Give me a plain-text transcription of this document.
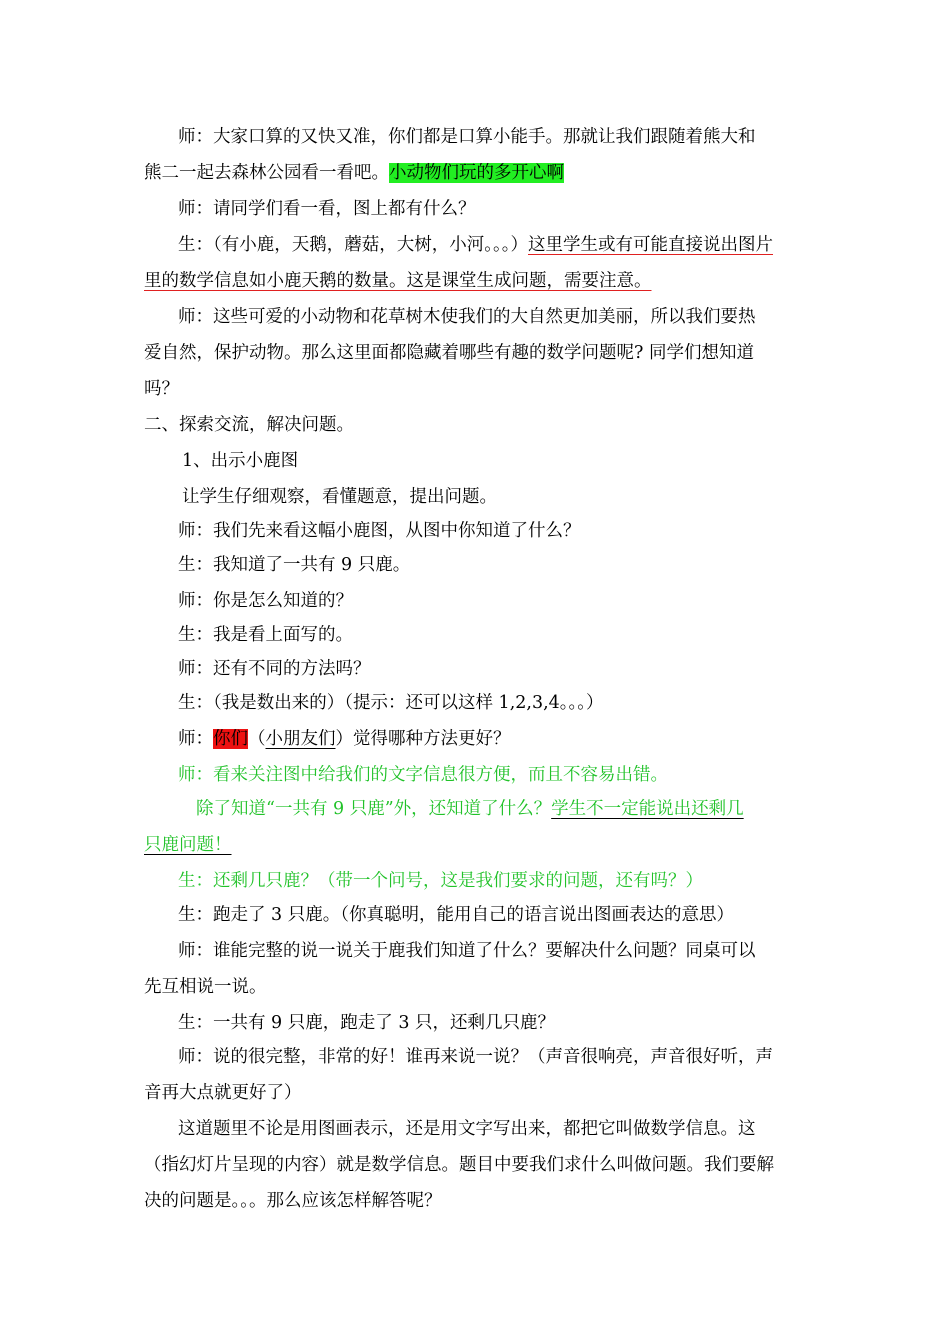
师：大家口算的又快又准，你们都是口算小能手。那就让我们跟随着熊大和
熊二一起去森林公园看一看吧。小动物们玩的多开心啊
师：请同学们看一看，图上都有什么？
生：（有小鹿，天鹅，蘑菇，大树，小河。。。）这里学生或有可能直接说出图片
里的数学信息如小鹿天鹅的数量。这是课堂生成问题，需要注意。
师：这些可爱的小动物和花草树木使我们的大自然更加美丽，所以我们要热
爱自然，保护动物。那么这里面都隐藏着哪些有趣的数学问题呢? 同学们想知道
吗？
二、探索交流，解决问题。
1、出示小鹿图
让学生仔细观察，看懂题意，提出问题。
师：我们先来看这幅小鹿图，从图中你知道了什么？
生：我知道了一共有 9 只鹿。
师：你是怎么知道的？
生：我是看上面写的。
师：还有不同的方法吗？
生：（我是数出来的）（提示：还可以这样 1,2,3,4。。。）
师：你们（小朋友们）觉得哪种方法更好？
师：看来关注图中给我们的文字信息很方便，而且不容易出错。
除了知道“一共有 9 只鹿”外，还知道了什么？学生不一定能说出还剩几
只鹿问题！
生：还剩几只鹿？（带一个问号，这是我们要求的问题，还有吗？）
生：跑走了 3 只鹿。（你真聪明，能用自己的语言说出图画表达的意思）
师：谁能完整的说一说关于鹿我们知道了什么？要解决什么问题？同桌可以
先互相说一说。
生：一共有 9 只鹿，跑走了 3 只，还剩几只鹿？
师：说的很完整，非常的好！谁再来说一说？（声音很响亮，声音很好听，声
音再大点就更好了）
这道题里不论是用图画表示，还是用文字写出来，都把它叫做数学信息。这
（指幻灯片呈现的内容）就是数学信息。题目中要我们求什么叫做问题。我们要解
决的问题是。。。那么应该怎样解答呢？
